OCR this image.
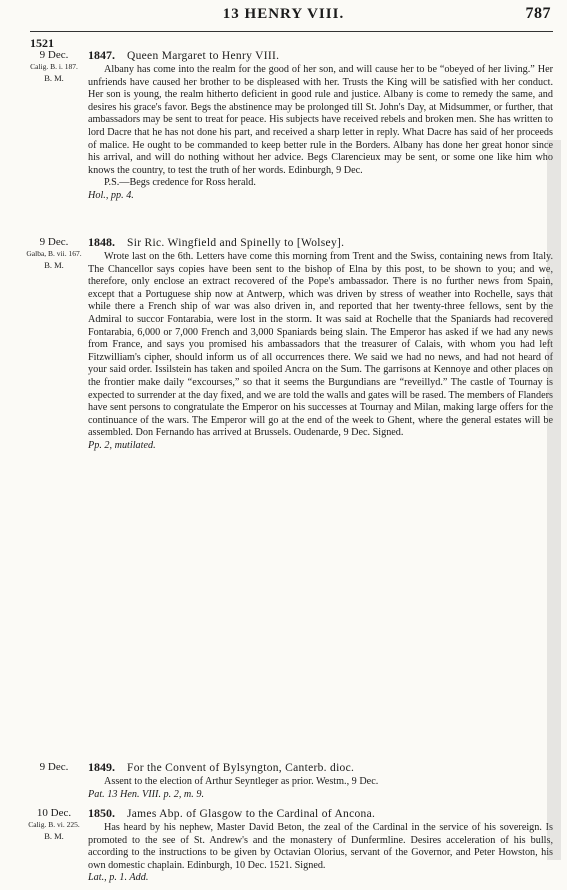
13 HENRY VIII.	787
1521
9 Dec.
Calig. B. i. 187.
B. M.
1847. Queen Margaret to Henry VIII.

Albany has come into the realm for the good of her son, and will cause her to be “obeyed of her living.” Her unfriends have caused her brother to be displeased with her. Trusts the King will be satisfied with her conduct. Her son is young, the realm hitherto deficient in good rule and justice. Albany is come to remedy the same, and desires his grace's favor. Begs the abstinence may be prolonged till St. John's Day, at Midsummer, or further, that ambassadors may be sent to treat for peace. His subjects have received rebels and broken men. She has written to lord Dacre that he has not done his part, and received a sharp letter in reply. What Dacre has said of her proceeds of malice. He ought to be commanded to keep better rule in the Borders. Albany has done her great honor since his arrival, and will do nothing without her advice. Begs Clarencieux may be sent, or some one like him who knows the country, to test the truth of her words. Edinburgh, 9 Dec.

P.S.—Begs credence for Ross herald.

Hol., pp. 4.

9 Dec.
Galba, B. vii. 167.
B. M.
1848. Sir Ric. Wingfield and Spinelly to [Wolsey].

Wrote last on the 6th. Letters have come this morning from Trent and the Swiss, containing news from Italy. The Chancellor says copies have been sent to the bishop of Elna by this post, to be shown to you; and we, therefore, only enclose an extract recovered of the Pope's ambassador. There is no further news from Spain, except that a Portuguese ship now at Antwerp, which was driven by stress of weather into Rochelle, says that while there a French ship of war was also driven in, and reported that her twenty-three fellows, sent by the Admiral to succor Fontarabia, were lost in the storm. It was said at Rochelle that the Spaniards had recovered Fontarabia, 6,000 or 7,000 French and 3,000 Spaniards being slain. The Emperor has asked if we had any news from France, and says you promised his ambassadors that the treasurer of Calais, with whom you had left Fitzwilliam's cipher, should inform us of all occurrences there. We said we had no news, and had not heard of your said order. Issilstein has taken and spoiled Ancra on the Sum. The garrisons at Kennoye and other places on the frontier make daily “excourses,” so that it seems the Burgundians are “reveillyd.” The castle of Tournay is expected to surrender at the day fixed, and we are told the walls and gates will be rased. The members of Flanders have sent persons to congratulate the Emperor on his successes at Tournay and Milan, making large offers for the continuance of the wars. The Emperor will go at the end of the week to Ghent, where the general estates will be assembled. Don Fernando has arrived at Brussels. Oudenarde, 9 Dec. Signed.

Pp. 2, mutilated.

9 Dec.	1849. For the Convent of Bylsyngton, Canterb. dioc.

Assent to the election of Arthur Seyntleger as prior. Westm., 9 Dec.

Pat. 13 Hen. VIII. p. 2, m. 9.

10 Dec.
Calig. B. vi. 225.
B. M.
1850. James Abp. of Glasgow to the Cardinal of Ancona.

Has heard by his nephew, Master David Beton, the zeal of the Cardinal in the service of his sovereign. Is promoted to the see of St. Andrew's and the monastery of Dunfermline. Desires acceleration of his bulls, according to the instructions to be given by Octavian Olorius, servant of the Governor, and Peter Howston, his own domestic chaplain. Edinburgh, 10 Dec. 1521. Signed.

Lat., p. 1. Add.
